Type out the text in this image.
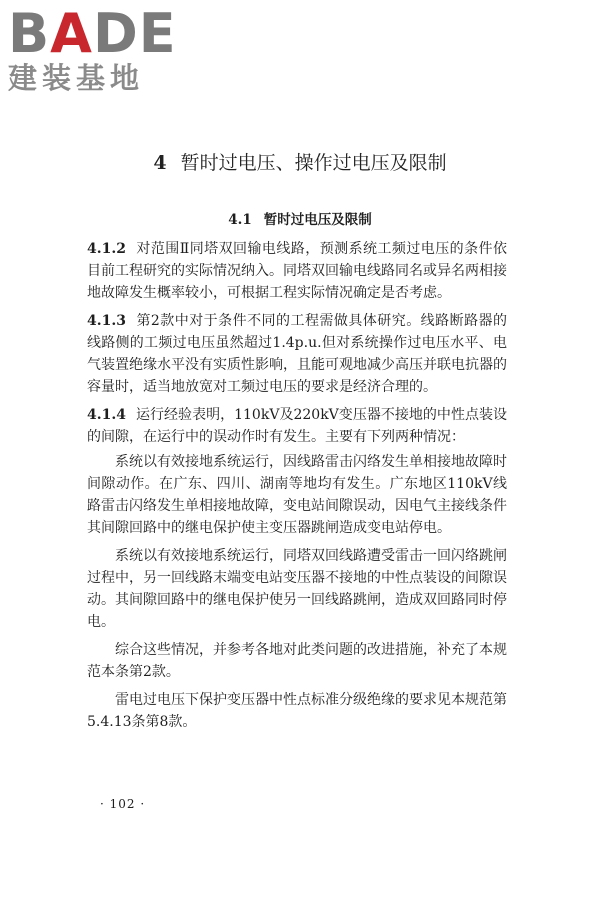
BADE
建装基地
4 暂时过电压、操作过电压及限制
4.1 暂时过电压及限制

4.1.2 对范围Ⅱ同塔双回输电线路，预测系统工频过电压的条件依目前工程研究的实际情况纳入。同塔双回输电线路同名或异名两相接地故障发生概率较小，可根据工程实际情况确定是否考虑。

4.1.3 第2款中对于条件不同的工程需做具体研究。线路断路器的线路侧的工频过电压虽然超过1.4p.u.但对系统操作过电压水平、电气装置绝缘水平没有实质性影响，且能可观地减少高压并联电抗器的容量时，适当地放宽对工频过电压的要求是经济合理的。

4.1.4 运行经验表明，110kV及220kV变压器不接地的中性点装设的间隙，在运行中的误动作时有发生。主要有下列两种情况：

系统以有效接地系统运行，因线路雷击闪络发生单相接地故障时间隙动作。在广东、四川、湖南等地均有发生。广东地区110kV线路雷击闪络发生单相接地故障，变电站间隙误动，因电气主接线条件其间隙回路中的继电保护使主变压器跳闸造成变电站停电。

系统以有效接地系统运行，同塔双回线路遭受雷击一回闪络跳闸过程中，另一回线路末端变电站变压器不接地的中性点装设的间隙误动。其间隙回路中的继电保护使另一回线路跳闸，造成双回路同时停电。

综合这些情况，并参考各地对此类问题的改进措施，补充了本规范本条第2款。

雷电过电压下保护变压器中性点标准分级绝缘的要求见本规范第5.4.13条第8款。

· 102 ·
